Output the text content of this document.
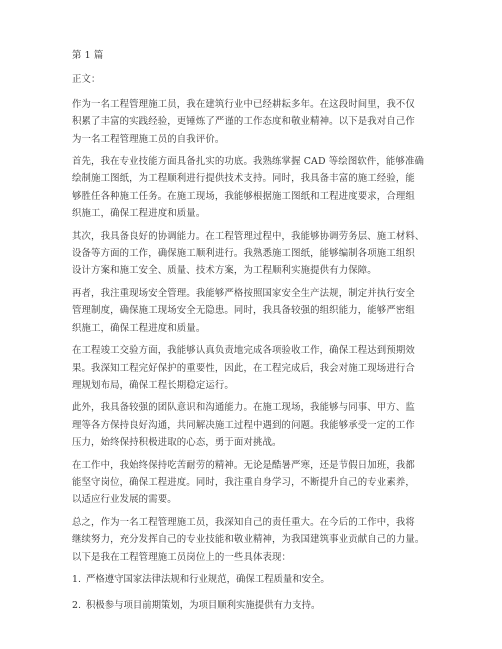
第 1 篇

正文：

作为一名工程管理施工员，我在建筑行业中已经耕耘多年。在这段时间里，我不仅
积累了丰富的实践经验，更锤炼了严谨的工作态度和敬业精神。以下是我对自己作
为一名工程管理施工员的自我评价。

首先，我在专业技能方面具备扎实的功底。我熟练掌握 CAD 等绘图软件，能够准确
绘制施工图纸，为工程顺利进行提供技术支持。同时，我具备丰富的施工经验，能
够胜任各种施工任务。在施工现场，我能够根据施工图纸和工程进度要求，合理组
织施工，确保工程进度和质量。

其次，我具备良好的协调能力。在工程管理过程中，我能够协调劳务层、施工材料、
设备等方面的工作，确保施工顺利进行。我熟悉施工图纸，能够编制各项施工组织
设计方案和施工安全、质量、技术方案，为工程顺利实施提供有力保障。

再者，我注重现场安全管理。我能够严格按照国家安全生产法规，制定并执行安全
管理制度，确保施工现场安全无隐患。同时，我具备较强的组织能力，能够严密组
织施工，确保工程进度和质量。

在工程竣工交验方面，我能够认真负责地完成各项验收工作，确保工程达到预期效
果。我深知工程完好保护的重要性，因此，在工程完成后，我会对施工现场进行合
理规划布局，确保工程长期稳定运行。

此外，我具备较强的团队意识和沟通能力。在施工现场，我能够与同事、甲方、监
理等各方保持良好沟通，共同解决施工过程中遇到的问题。我能够承受一定的工作
压力，始终保持积极进取的心态，勇于面对挑战。

在工作中，我始终保持吃苦耐劳的精神。无论是酷暑严寒，还是节假日加班，我都
能坚守岗位，确保工程进度。同时，我注重自身学习，不断提升自己的专业素养，
以适应行业发展的需要。

总之，作为一名工程管理施工员，我深知自己的责任重大。在今后的工作中，我将
继续努力，充分发挥自己的专业技能和敬业精神，为我国建筑事业贡献自己的力量。
以下是我在工程管理施工员岗位上的一些具体表现：

1. 严格遵守国家法律法规和行业规范，确保工程质量和安全。
2. 积极参与项目前期策划，为项目顺利实施提供有力支持。
